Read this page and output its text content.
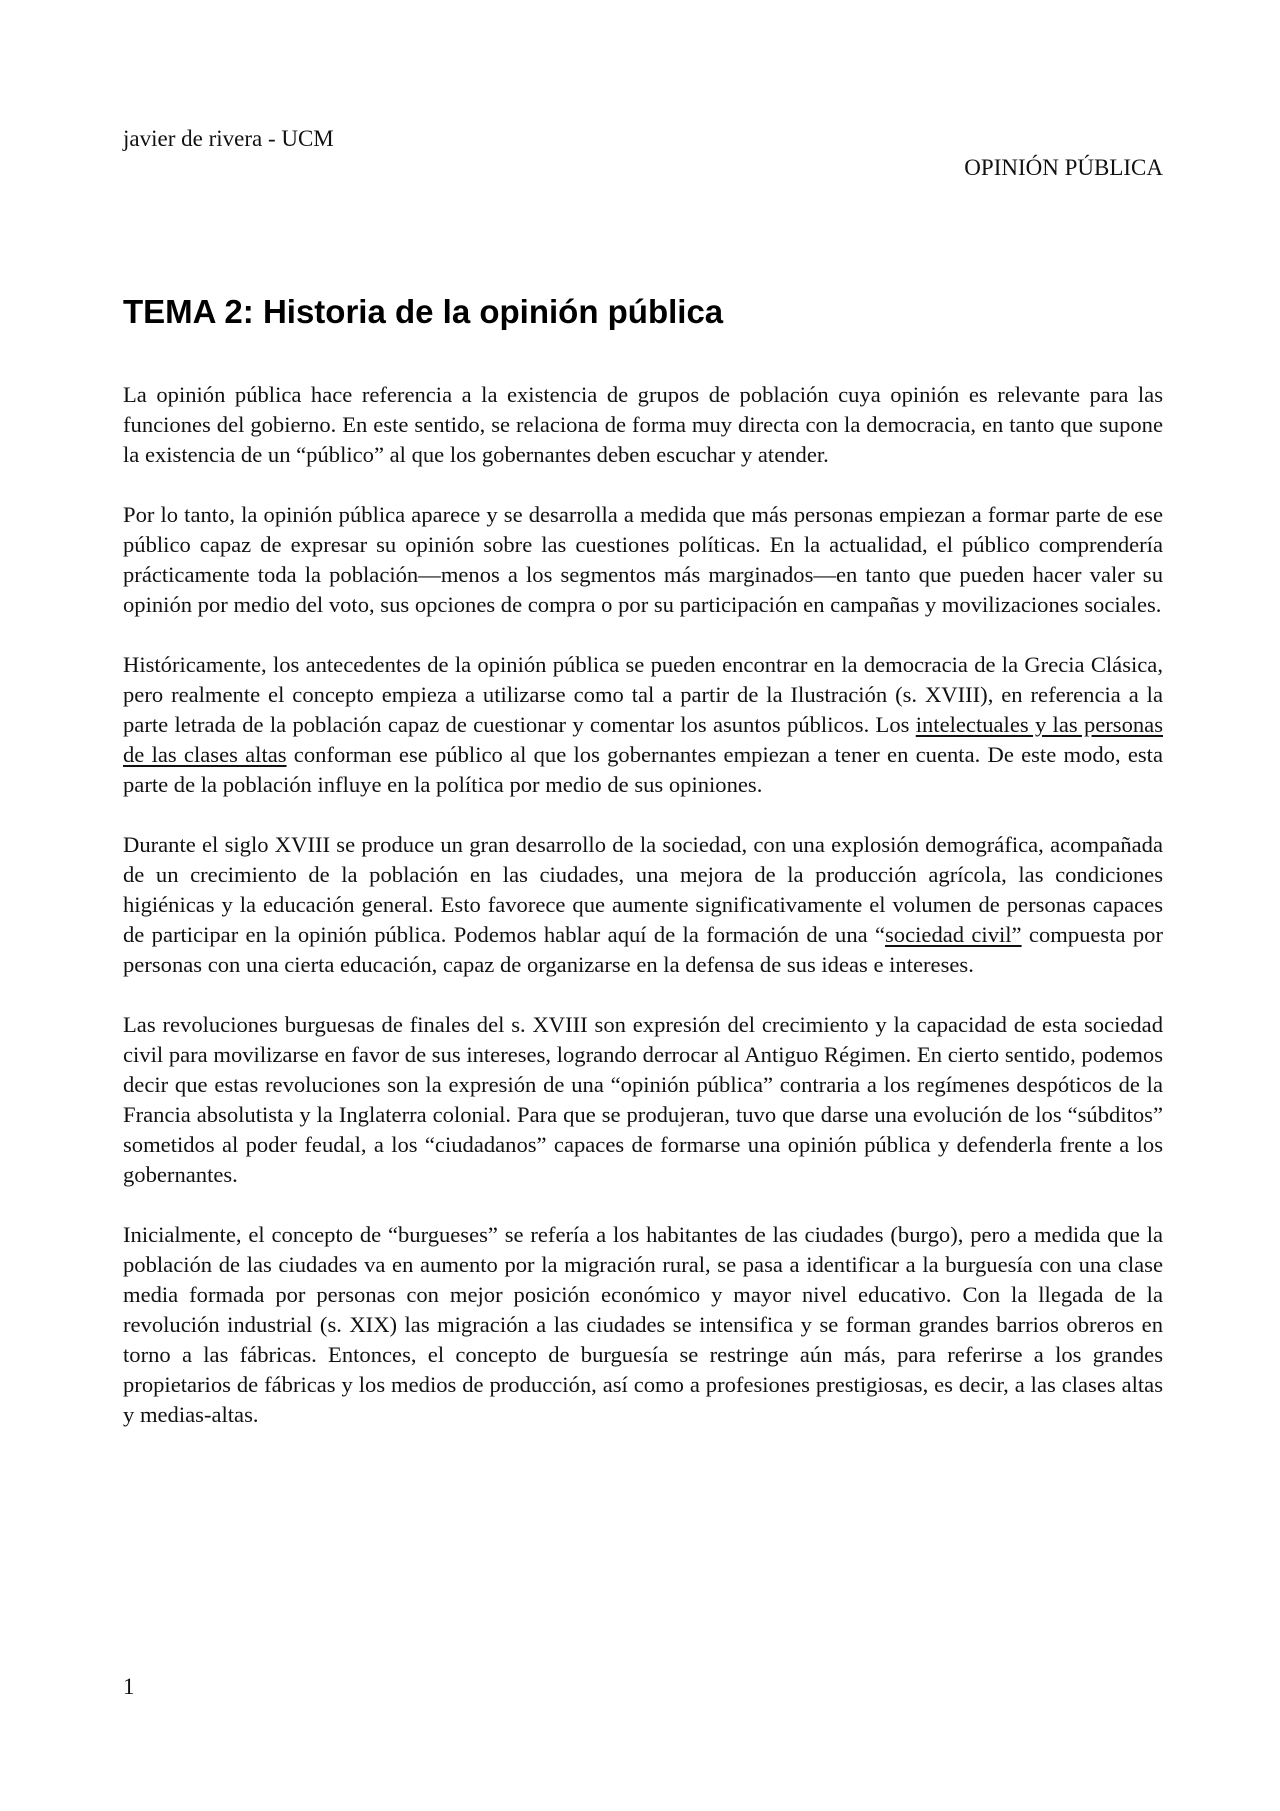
javier de rivera - UCM
OPINIÓN PÚBLICA
TEMA 2: Historia de la opinión pública

La opinión pública hace referencia a la existencia de grupos de población cuya opinión es relevante para las funciones del gobierno. En este sentido, se relaciona de forma muy directa con la democracia, en tanto que supone la existencia de un “público” al que los gobernantes deben escuchar y atender.

Por lo tanto, la opinión pública aparece y se desarrolla a medida que más personas empiezan a formar parte de ese público capaz de expresar su opinión sobre las cuestiones políticas. En la actualidad, el público comprendería prácticamente toda la población—menos a los segmentos más marginados—en tanto que pueden hacer valer su opinión por medio del voto, sus opciones de compra o por su participación en campañas y movilizaciones sociales.

Históricamente, los antecedentes de la opinión pública se pueden encontrar en la democracia de la Grecia Clásica, pero realmente el concepto empieza a utilizarse como tal a partir de la Ilustración (s. XVIII), en referencia a la parte letrada de la población capaz de cuestionar y comentar los asuntos públicos. Los intelectuales y las personas de las clases altas conforman ese público al que los gobernantes empiezan a tener en cuenta. De este modo, esta parte de la población influye en la política por medio de sus opiniones.

Durante el siglo XVIII se produce un gran desarrollo de la sociedad, con una explosión demográfica, acompañada de un crecimiento de la población en las ciudades, una mejora de la producción agrícola, las condiciones higiénicas y la educación general. Esto favorece que aumente significativamente el volumen de personas capaces de participar en la opinión pública. Podemos hablar aquí de la formación de una “sociedad civil” compuesta por personas con una cierta educación, capaz de organizarse en la defensa de sus ideas e intereses.

Las revoluciones burguesas de finales del s. XVIII son expresión del crecimiento y la capacidad de esta sociedad civil para movilizarse en favor de sus intereses, logrando derrocar al Antiguo Régimen. En cierto sentido, podemos decir que estas revoluciones son la expresión de una “opinión pública” contraria a los regímenes despóticos de la Francia absolutista y la Inglaterra colonial. Para que se produjeran, tuvo que darse una evolución de los “súbditos” sometidos al poder feudal, a los “ciudadanos” capaces de formarse una opinión pública y defenderla frente a los gobernantes.

Inicialmente, el concepto de “burgueses” se refería a los habitantes de las ciudades (burgo), pero a medida que la población de las ciudades va en aumento por la migración rural, se pasa a identificar a la burguesía con una clase media formada por personas con mejor posición económico y mayor nivel educativo. Con la llegada de la revolución industrial (s. XIX) las migración a las ciudades se intensifica y se forman grandes barrios obreros en torno a las fábricas. Entonces, el concepto de burguesía se restringe aún más, para referirse a los grandes propietarios de fábricas y los medios de producción, así como a profesiones prestigiosas, es decir, a las clases altas y medias-altas.

1
